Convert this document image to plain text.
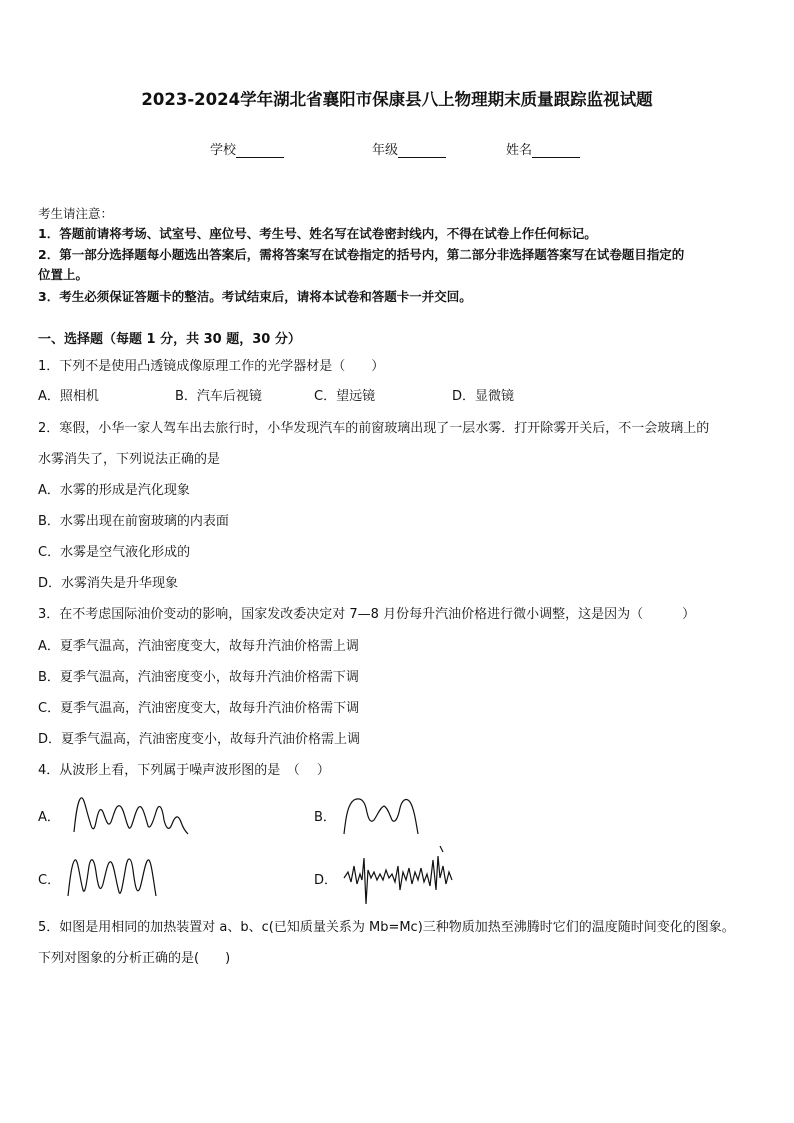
2023-2024学年湖北省襄阳市保康县八上物理期末质量跟踪监视试题
学校	年级	姓名
考生请注意：
1．答题前请将考场、试室号、座位号、考生号、姓名写在试卷密封线内，不得在试卷上作任何标记。
2．第一部分选择题每小题选出答案后，需将答案写在试卷指定的括号内，第二部分非选择题答案写在试卷题目指定的
位置上。
3．考生必须保证答题卡的整洁。考试结束后，请将本试卷和答题卡一并交回。
一、选择题（每题 1 分，共 30 题，30 分）
1．下列不是使用凸透镜成像原理工作的光学器材是（　　）
A．照相机	B．汽车后视镜	C．望远镜	D．显微镜
2．寒假，小华一家人驾车出去旅行时，小华发现汽车的前窗玻璃出现了一层水雾．打开除雾开关后，不一会玻璃上的
水雾消失了，下列说法正确的是
A．水雾的形成是汽化现象
B．水雾出现在前窗玻璃的内表面
C．水雾是空气液化形成的
D．水雾消失是升华现象
3．在不考虑国际油价变动的影响，国家发改委决定对 7—8 月份每升汽油价格进行微小调整，这是因为（　　　）
A．夏季气温高，汽油密度变大，故每升汽油价格需上调
B．夏季气温高，汽油密度变小，故每升汽油价格需下调
C．夏季气温高，汽油密度变大，故每升汽油价格需下调
D．夏季气温高，汽油密度变小，故每升汽油价格需上调
4．从波形上看，下列属于噪声波形图的是　（　 ）
A．	B．
C．	D．
5．如图是用相同的加热装置对 a、b、c(已知质量关系为 Mb=Mc)三种物质加热至沸腾时它们的温度随时间变化的图象。
下列对图象的分析正确的是(　　)
